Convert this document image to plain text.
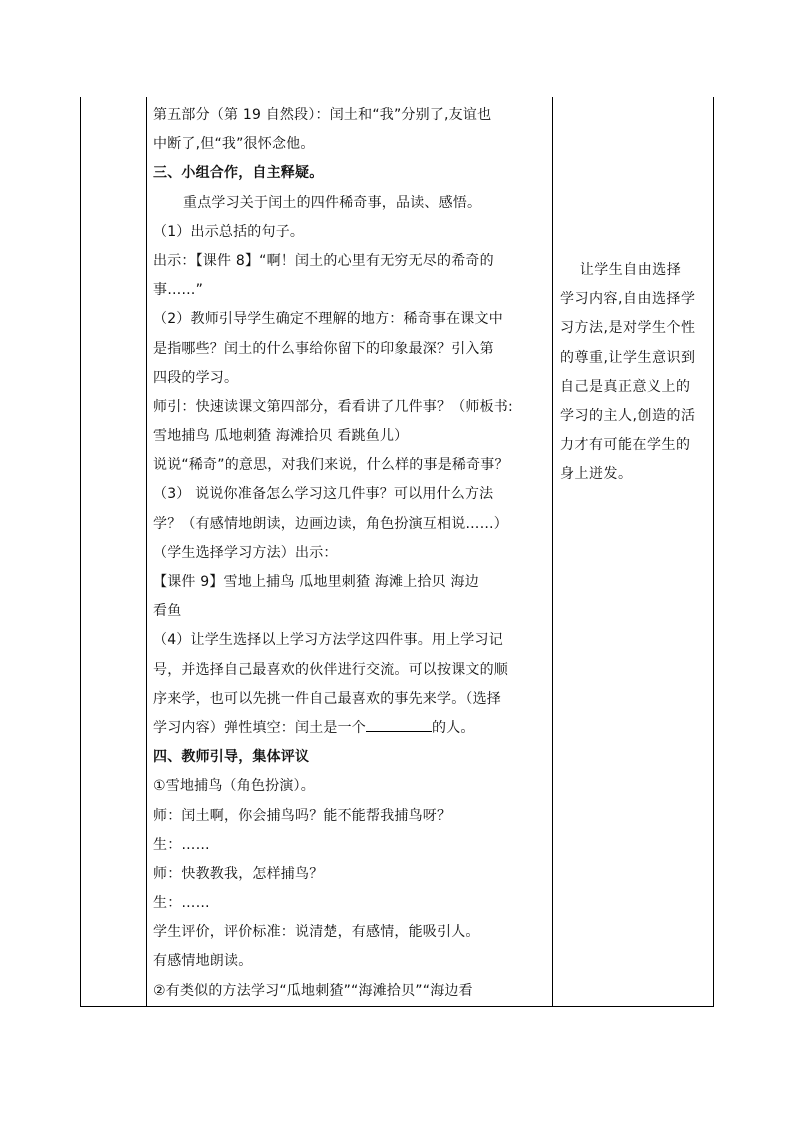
第五部分（第 19 自然段）：闰土和“我”分别了,友谊也
中断了,但“我”很怀念他。
三、小组合作，自主释疑。
重点学习关于闰土的四件稀奇事，品读、感悟。
（1）出示总括的句子。
出示：【课件 8】“啊！闰土的心里有无穷无尽的希奇的
事……”
（2）教师引导学生确定不理解的地方：稀奇事在课文中
是指哪些？闰土的什么事给你留下的印象最深？引入第
四段的学习。
师引：快速读课文第四部分，看看讲了几件事？（师板书:
雪地捕鸟 瓜地刺猹 海滩拾贝 看跳鱼儿）
说说“稀奇”的意思，对我们来说，什么样的事是稀奇事？
（3） 说说你准备怎么学习这几件事？可以用什么方法
学？（有感情地朗读，边画边读，角色扮演互相说……）
（学生选择学习方法）出示：
【课件 9】雪地上捕鸟 瓜地里刺猹 海滩上拾贝 海边
看鱼
（4）让学生选择以上学习方法学这四件事。用上学习记
号，并选择自己最喜欢的伙伴进行交流。可以按课文的顺
序来学，也可以先挑一件自己最喜欢的事先来学。（选择
学习内容）弹性填空：闰土是一个	的人。
四、教师引导，集体评议
①雪地捕鸟（角色扮演）。
师：闰土啊，你会捕鸟吗？能不能帮我捕鸟呀？
生：……
师：快教教我，怎样捕鸟？
生：……
学生评价，评价标准：说清楚，有感情，能吸引人。
有感情地朗读。
②有类似的方法学习“瓜地刺猹”“海滩拾贝”“海边看
让学生自由选择
学习内容,自由选择学
习方法,是对学生个性
的尊重,让学生意识到
自己是真正意义上的
学习的主人,创造的活
力才有可能在学生的
身上迸发。
